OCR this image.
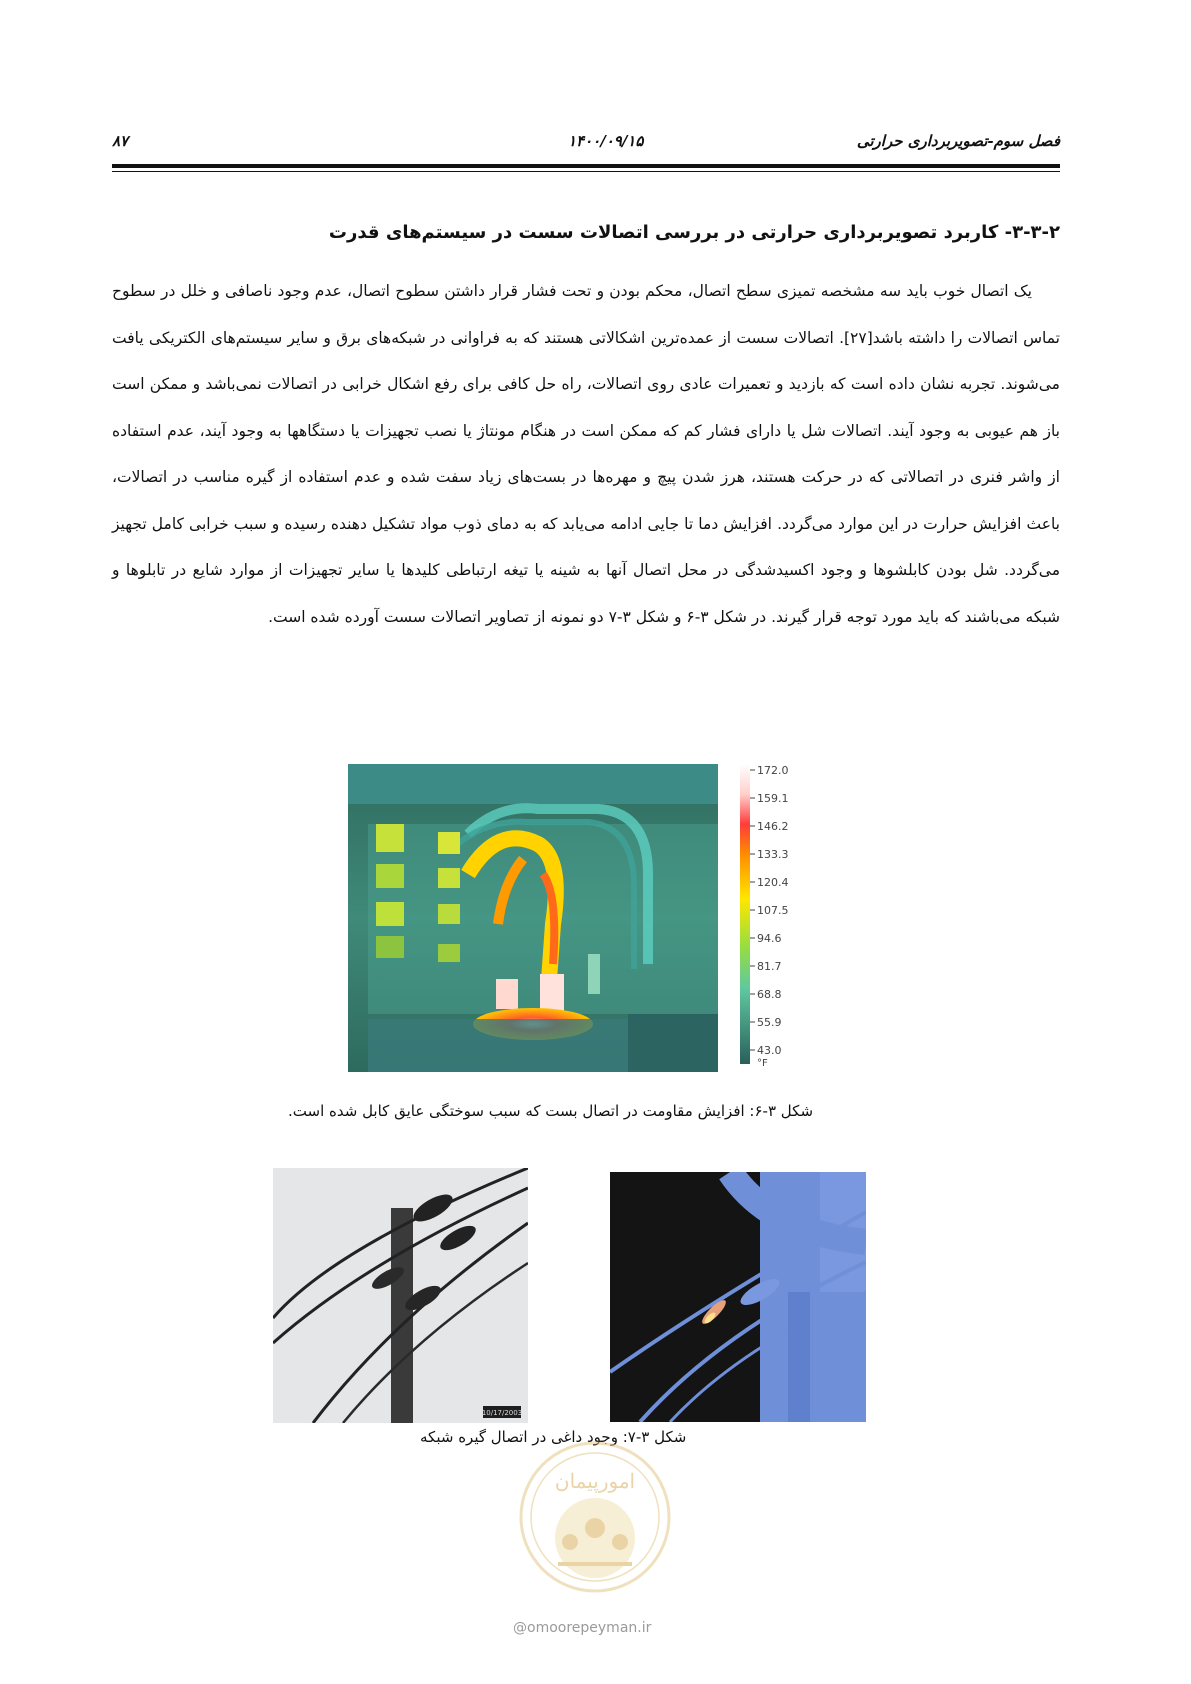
فصل سوم-تصویربرداری حرارتی
۱۴۰۰/۰۹/۱۵
۸۷
۳-۳-۲- کاربرد تصویربرداری حرارتی در بررسی اتصالات سست در سیستم‌های قدرت

یک اتصال خوب باید سه مشخصه تمیزی سطح اتصال، محکم بودن و تحت فشار قرار داشتن سطوح اتصال، عدم وجود ناصافی و خلل در سطوح تماس اتصالات را داشته باشد[۲۷]. اتصالات سست از عمده‌ترین اشکالاتی هستند که به فراوانی در شبکه‌های برق و سایر سیستم‌های الکتریکی یافت می‌شوند. تجربه نشان داده است که بازدید و تعمیرات عادی روی اتصالات، راه حل کافی برای رفع اشکال خرابی در اتصالات نمی‌باشد و ممکن است باز هم عیوبی به وجود آیند. اتصالات شل یا دارای فشار کم که ممکن است در هنگام مونتاژ یا نصب تجهیزات یا دستگاهها به وجود آیند، عدم استفاده از واشر فنری در اتصالاتی که در حرکت هستند، هرز شدن پیچ و مهره‌ها در بست‌های زیاد سفت شده و عدم استفاده از گیره مناسب در اتصالات، باعث افزایش حرارت در این موارد می‌گردد. افزایش دما تا جایی ادامه می‌یابد که به دمای ذوب مواد تشکیل دهنده رسیده و سبب خرابی کامل تجهیز می‌گردد. شل بودن کابلشوها و وجود اکسیدشدگی در محل اتصال آنها به شینه یا تیغه ارتباطی کلیدها یا سایر تجهیزات از موارد شایع در تابلوها و شبکه می‌باشند که باید مورد توجه قرار گیرند. در شکل ۳-۶ و شکل ۳-۷ دو نمونه از تصاویر اتصالات سست آورده شده است.

172.0
159.1
146.2
133.3
120.4
107.5
94.6
81.7
68.8
55.9
43.0
°F
شکل ۳-۶: افزایش مقاومت در اتصال بست که سبب سوختگی عایق کابل شده است.
10/17/2003
شکل ۳-۷: وجود داغی در اتصال گیره شبکه
امورپیمان
@omoorepeyman.ir
